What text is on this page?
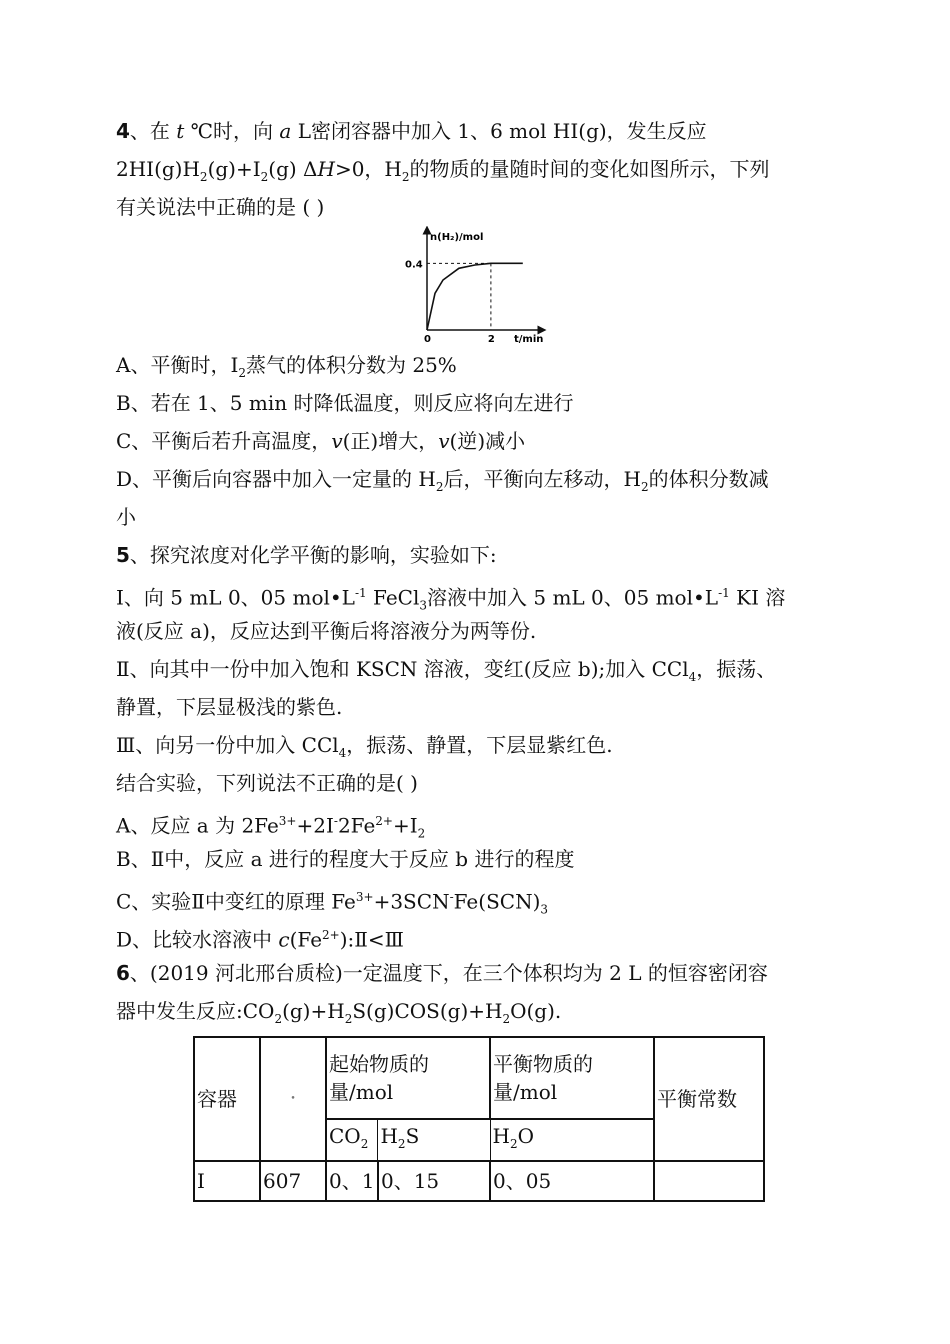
4、在 t ℃时，向 a L密闭容器中加入 1、6 mol HI(g)，发生反应
$2HI(g)H_2(g)+I_2(g)$ ΔH>0，$H_2$的物质的量随时间的变化如图所示，下列
有关说法中正确的是 ( )
n(H₂)/mol
t/min
0	2
0.4
A、平衡时，$I_2$蒸气的体积分数为 25%
B、若在 1、5 min 时降低温度，则反应将向左进行
C、平衡后若升高温度，v(正)增大，v(逆)减小
D、平衡后向容器中加入一定量的 $H_2$后，平衡向左移动，$H_2$的体积分数减
小
5、探究浓度对化学平衡的影响，实验如下:
Ⅰ、向 5 mL 0、05 $mol•L^{-1}$ FeCl$_3$溶液中加入 5 mL 0、05 $mol•L^{-1}$ KI 溶
液(反应 a)，反应达到平衡后将溶液分为两等份.
Ⅱ、向其中一份中加入饱和 KSCN 溶液，变红(反应 b);加入 CCl$_4$，振荡、
静置，下层显极浅的紫色.
Ⅲ、向另一份中加入 CCl$_4$，振荡、静置，下层显紫红色.
结合实验，下列说法不正确的是( )
A、反应 a 为 $2Fe^{3+}+2I^-2Fe^{2+}+I_2$
B、Ⅱ中，反应 a 进行的程度大于反应 b 进行的程度
C、实验Ⅱ中变红的原理 $Fe^{3+}+3SCN^-Fe(SCN)_3$
D、比较水溶液中 $c(Fe^{2+}):Ⅱ<Ⅲ$
6、(2019 河北邢台质检)一定温度下，在三个体积均为 2 L 的恒容密闭容
器中发生反应$:CO_2(g)+H_2S(g)COS(g)+H_2O(g)$.
容器	•	起始物质的量/mol		平衡物质的量/mol	平衡常数
		$CO_2$	$H_2S$	$H_2O$	
Ⅰ	607	0、1	0、15	0、05	
